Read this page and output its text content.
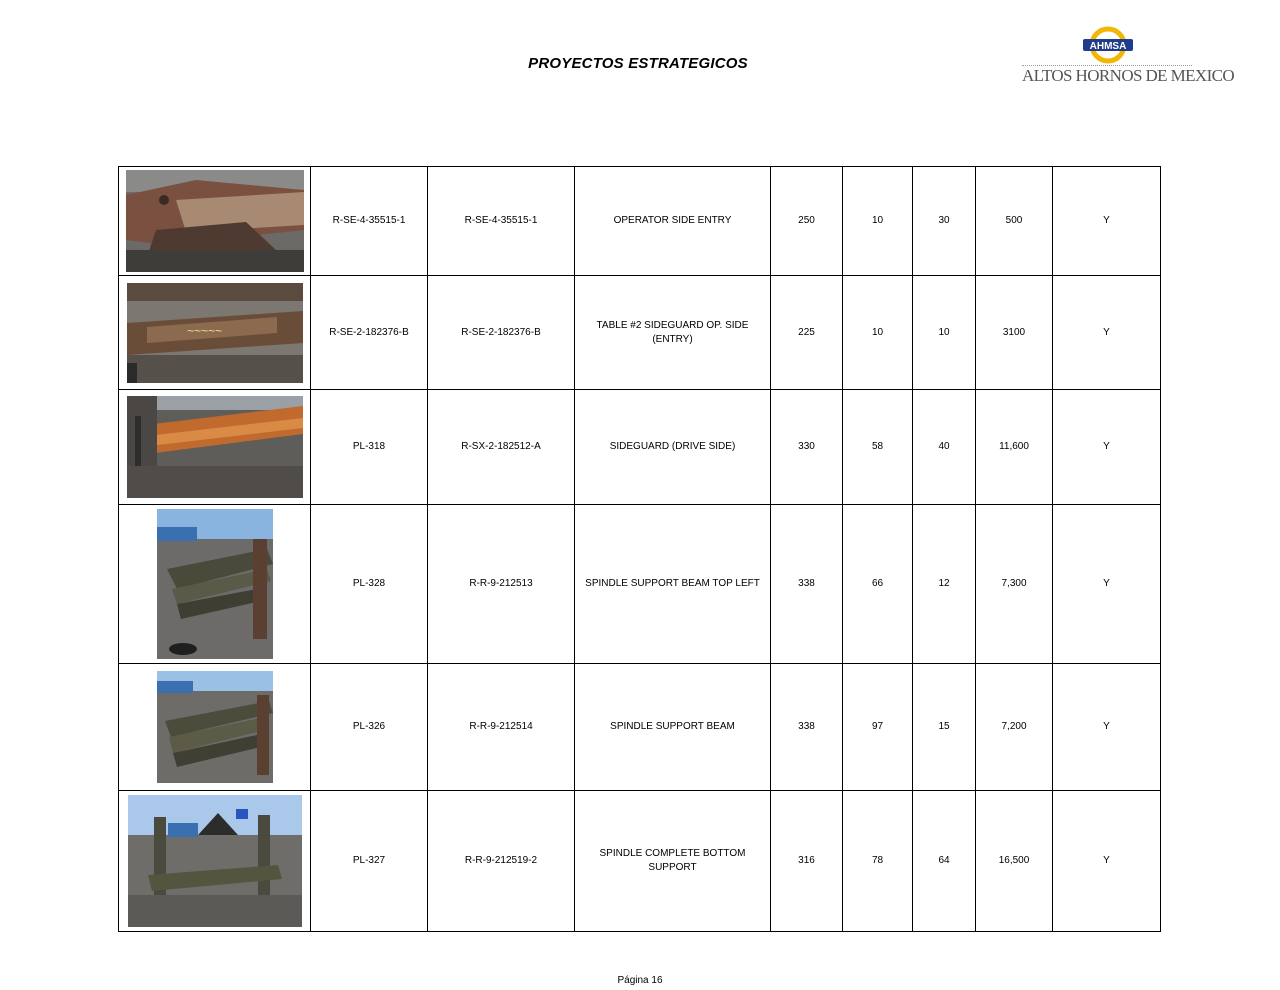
PROYECTOS ESTRATEGICOS
AHMSA
ALTOS HORNOS DE MEXICO
	R-SE-4-35515-1	R-SE-4-35515-1	OPERATOR SIDE ENTRY	250	10	30	500	Y

~~~~~	R-SE-2-182376-B	R-SE-2-182376-B	TABLE #2 SIDEGUARD OP. SIDE (ENTRY)	225	10	10	3100	Y

	PL-318	R-SX-2-182512-A	SIDEGUARD (DRIVE SIDE)	330	58	40	11,600	Y

	PL-328	R-R-9-212513	SPINDLE SUPPORT BEAM TOP LEFT	338	66	12	7,300	Y

	PL-326	R-R-9-212514	SPINDLE SUPPORT BEAM	338	97	15	7,200	Y

	PL-327	R-R-9-212519-2	SPINDLE COMPLETE BOTTOM SUPPORT	316	78	64	16,500	Y
Página 16
